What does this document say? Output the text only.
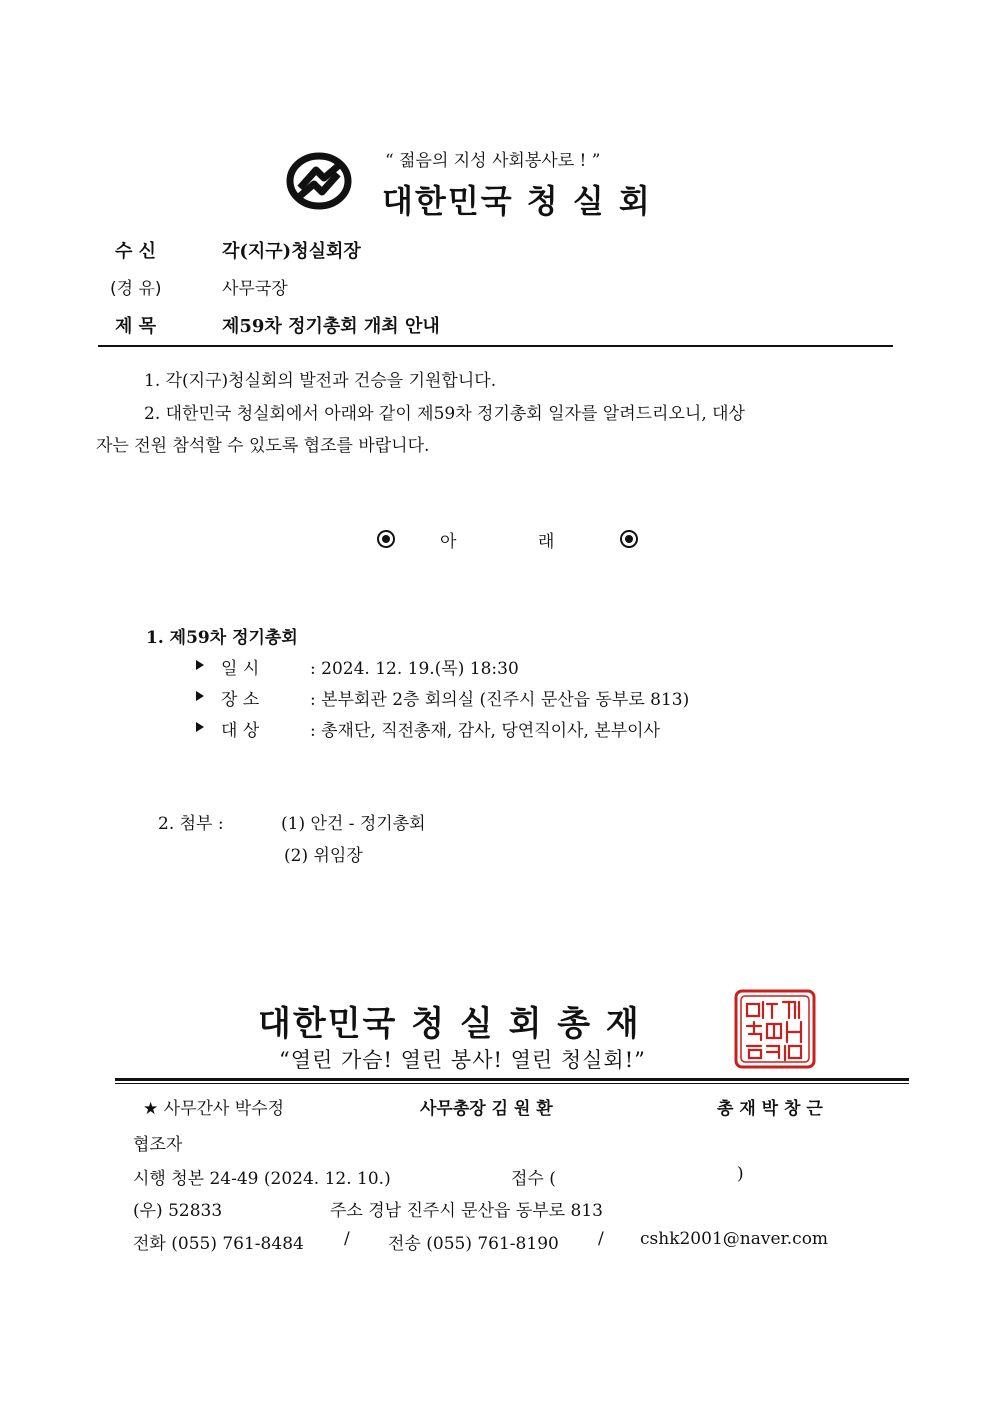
“ 젊음의 지성 사회봉사로 ! ”
대한민국 청 실 회
수 신	각(지구)청실회장
(경 유)	사무국장
제 목	제59차 정기총회 개최 안내
1. 각(지구)청실회의 발전과 건승을 기원합니다.
2. 대한민국 청실회에서 아래와 같이 제59차 정기총회 일자를 알려드리오니, 대상
자는 전원 참석할 수 있도록 협조를 바랍니다.

아	래
1. 제59차 정기총회
일 시	: 2024. 12. 19.(목) 18:30
장 소	: 본부회관 2층 회의실 (진주시 문산읍 동부로 813)
대 상	: 총재단, 직전총재, 감사, 당연직이사, 본부이사
2. 첨부 :	(1) 안건 - 정기총회
(2) 위임장
대한민국 청 실 회 총 재
“열린 가슴! 열린 봉사! 열린 청실회!”
★ 사무간사 박수정	사무총장 김 원 환	총 재 박 창 근
협조자
시행 청본 24-49 (2024. 12. 10.)	접수 (	)
(우) 52833	주소 경남 진주시 문산읍 동부로 813
전화 (055) 761-8484 / 전송 (055) 761-8190 / cshk2001@naver.com
